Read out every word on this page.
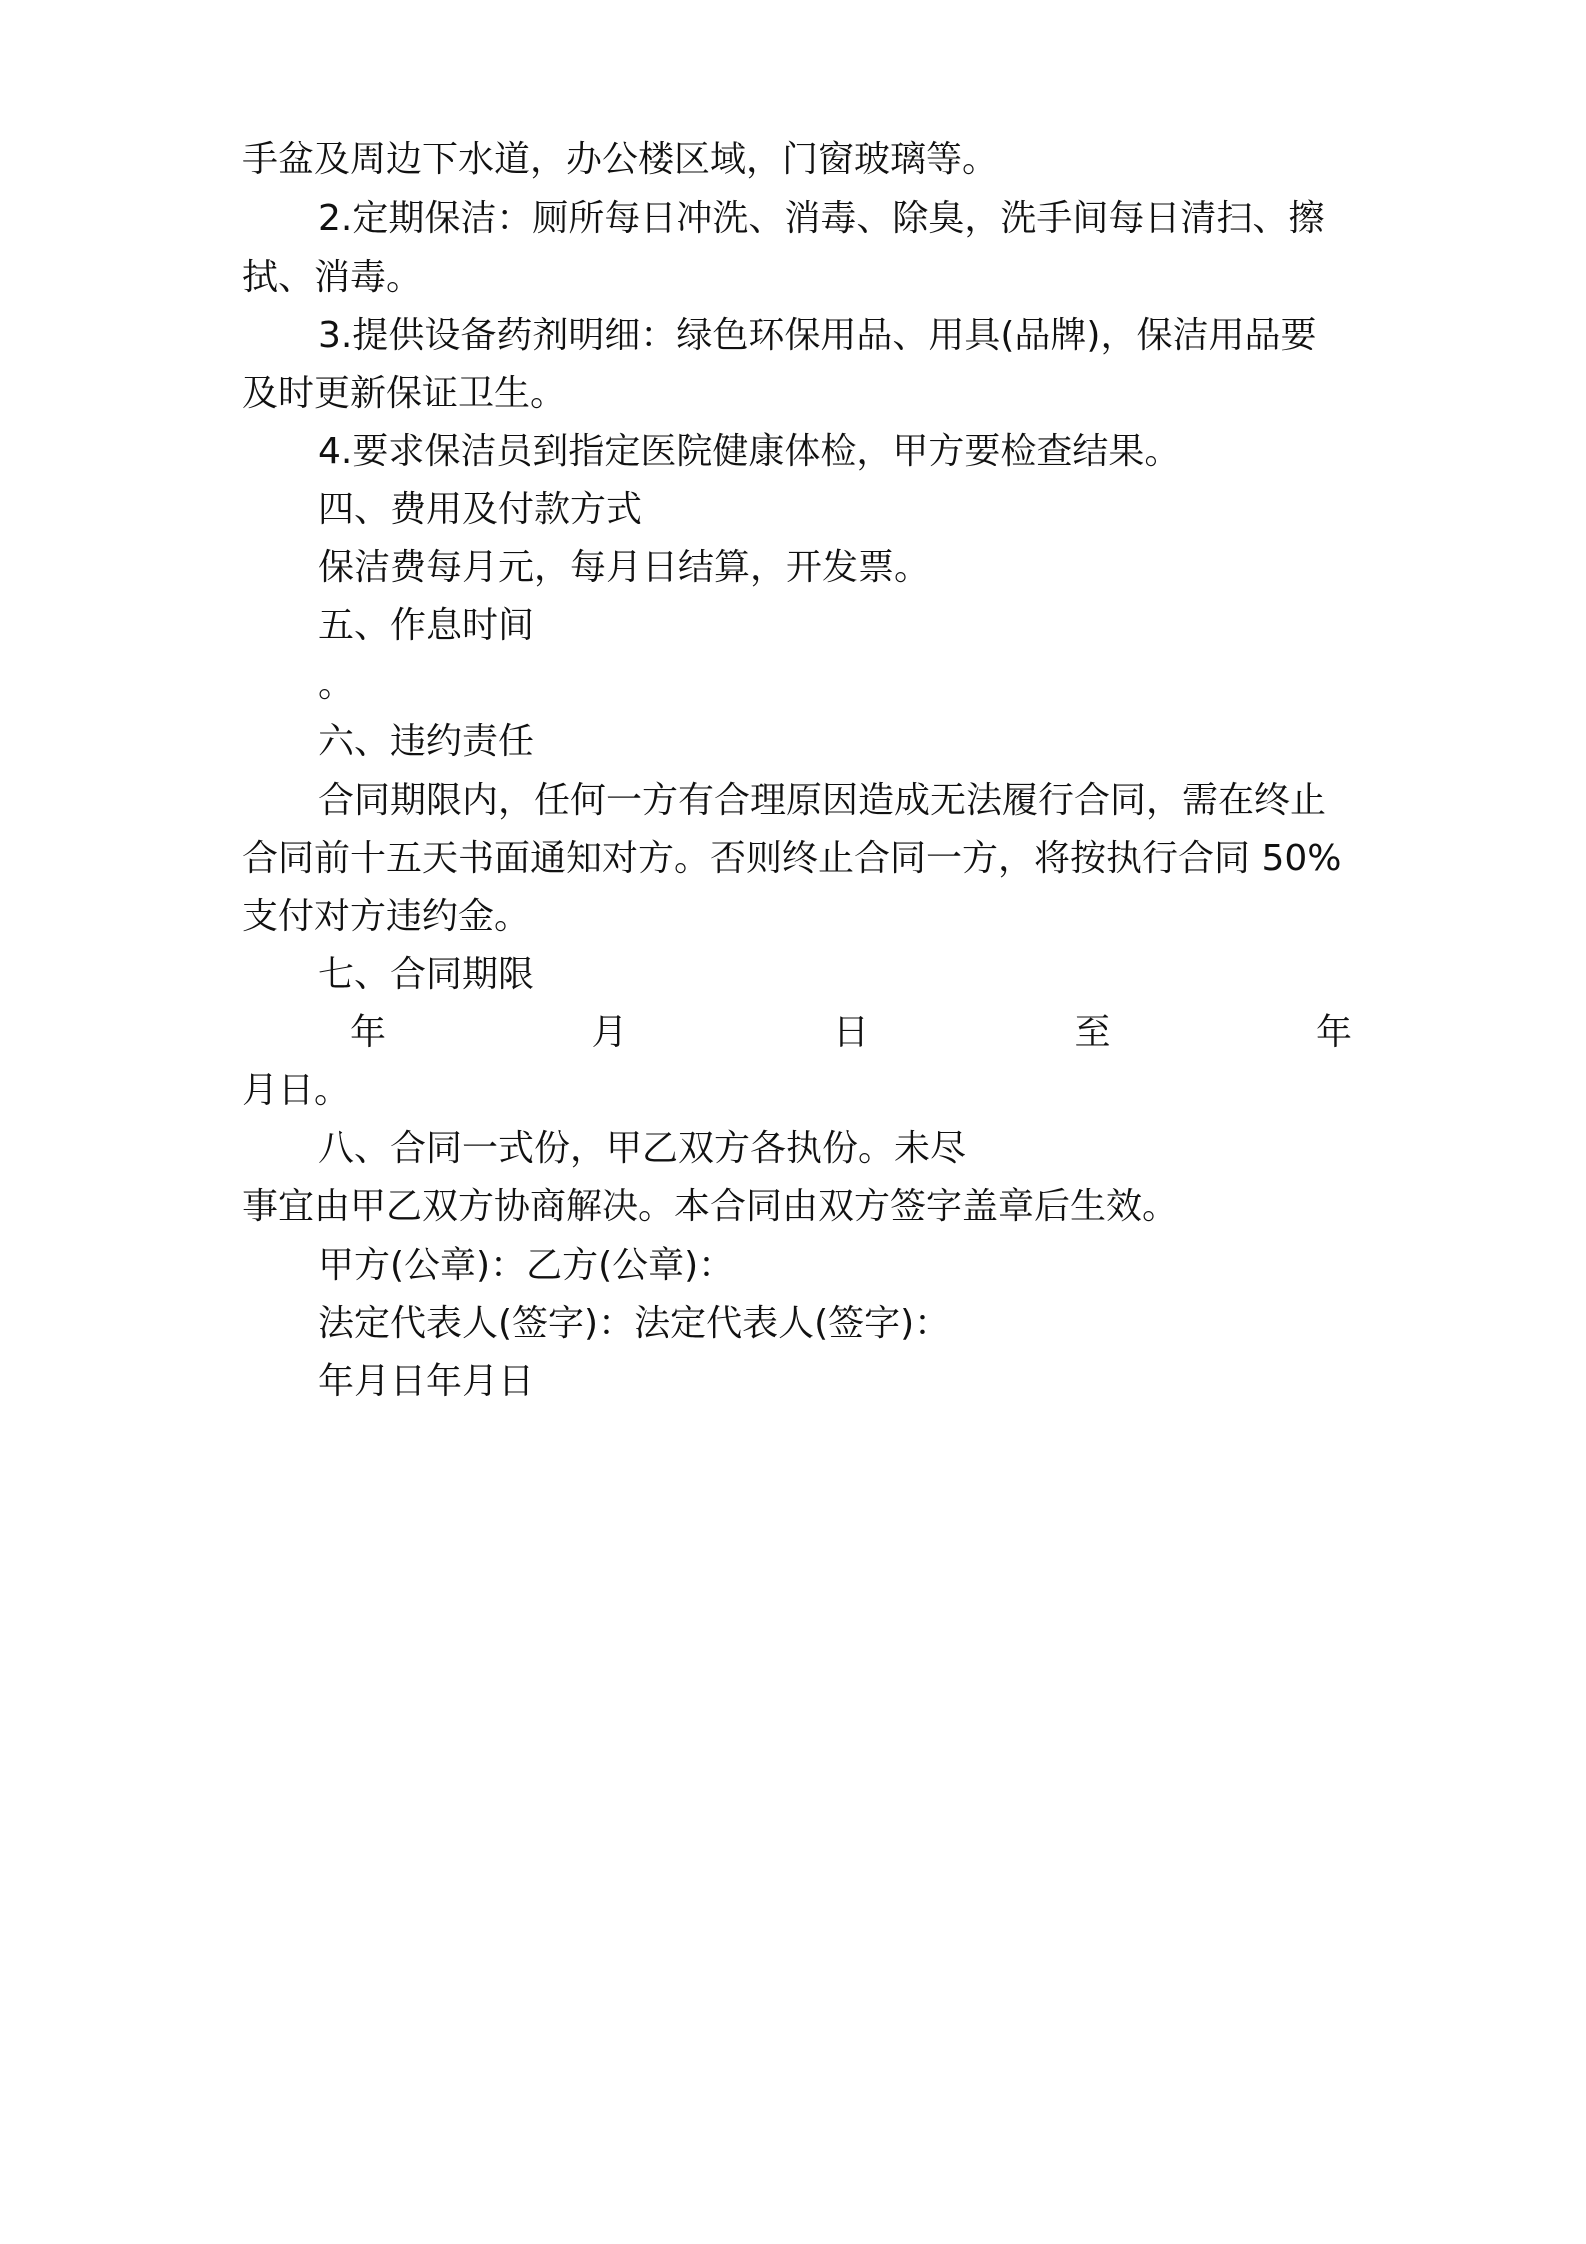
手盆及周边下水道，办公楼区域，门窗玻璃等。
2.定期保洁：厕所每日冲洗、消毒、除臭，洗手间每日清扫、擦
拭、消毒。
3.提供设备药剂明细：绿色环保用品、用具(品牌)，保洁用品要
及时更新保证卫生。
4.要求保洁员到指定医院健康体检，甲方要检查结果。
四、费用及付款方式
保洁费每月元，每月日结算，开发票。
五、作息时间
。
六、违约责任
合同期限内，任何一方有合理原因造成无法履行合同，需在终止
合同前十五天书面通知对方。否则终止合同一方，将按执行合同 50%
支付对方违约金。
七、合同期限
年	月	日	至	年
月日。
八、合同一式份，甲乙双方各执份。未尽
事宜由甲乙双方协商解决。本合同由双方签字盖章后生效。
甲方(公章)：乙方(公章)：
法定代表人(签字)：法定代表人(签字)：
年月日年月日
